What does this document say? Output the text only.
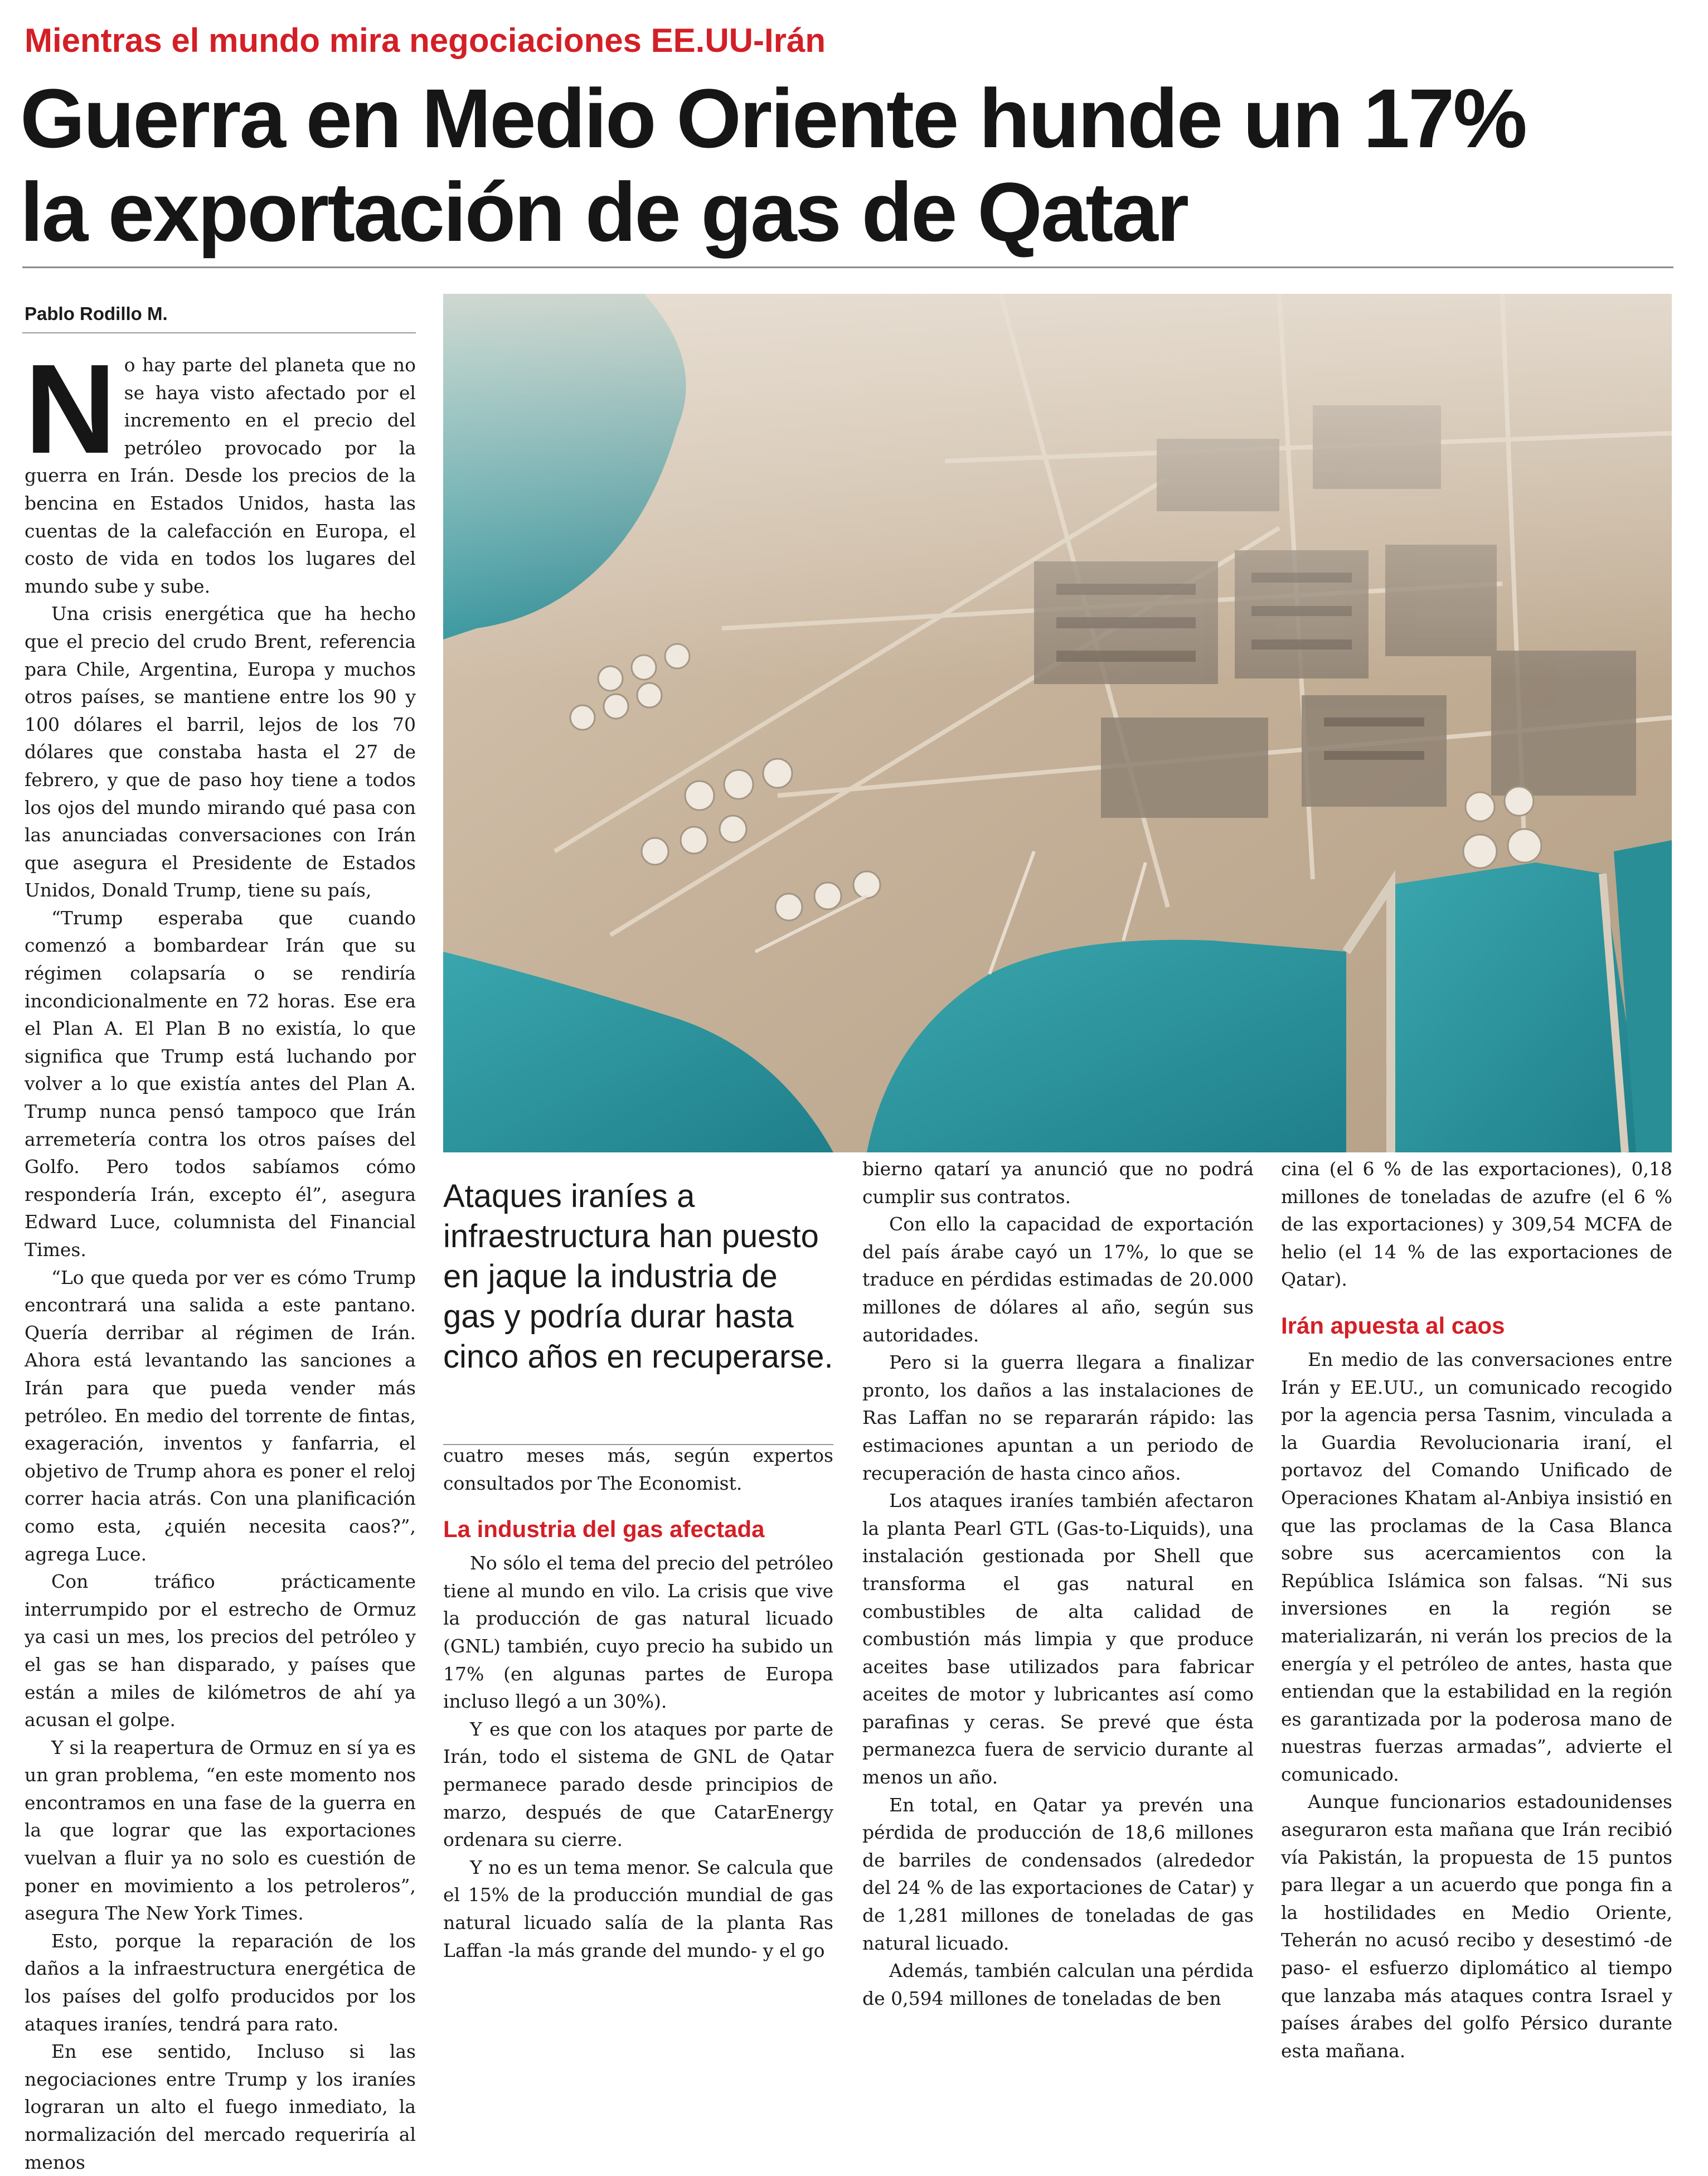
Mientras el mundo mira negociaciones EE.UU-Irán
Guerra en Medio Oriente hunde un 17%
la exportación de gas de Qatar
Pablo Rodillo M.

No hay parte del planeta que no se haya visto afectado por el incremento en el precio del petróleo provocado por la guerra en Irán. Desde los precios de la bencina en Estados Unidos, hasta las cuentas de la calefacción en Europa, el costo de vida en todos los lugares del mundo sube y sube.

Una crisis energética que ha hecho que el precio del crudo Brent, referencia para Chile, Argentina, Europa y muchos otros países, se mantiene entre los 90 y 100 dólares el barril, lejos de los 70 dólares que constaba hasta el 27 de febrero, y que de paso hoy tiene a todos los ojos del mundo mirando qué pasa con las anunciadas conversaciones con Irán que asegura el Presidente de Estados Unidos, Donald Trump, tiene su país,

“Trump esperaba que cuando comenzó a bombardear Irán que su régimen colapsaría o se rendiría incondicionalmente en 72 horas. Ese era el Plan A. El Plan B no existía, lo que significa que Trump está luchando por volver a lo que existía antes del Plan A. Trump nunca pensó tampoco que Irán arremetería contra los otros países del Golfo. Pero todos sabíamos cómo respondería Irán, excepto él”, asegura Edward Luce, columnista del Financial Times.

“Lo que queda por ver es cómo Trump encontrará una salida a este pantano. Quería derribar al régimen de Irán. Ahora está levantando las sanciones a Irán para que pueda vender más petróleo. En medio del torrente de fintas, exageración, inventos y fanfarria, el objetivo de Trump ahora es poner el reloj correr hacia atrás. Con una planificación como esta, ¿quién necesita caos?”, agrega Luce.

Con tráfico prácticamente interrumpido por el estrecho de Ormuz ya casi un mes, los precios del petróleo y el gas se han disparado, y países que están a miles de kilómetros de ahí ya acusan el golpe.

Y si la reapertura de Ormuz en sí ya es un gran problema, “en este momento nos encontramos en una fase de la guerra en la que lograr que las exportaciones vuelvan a fluir ya no solo es cuestión de poner en movimiento a los petroleros”, asegura The New York Times.

Esto, porque la reparación de los daños a la infraestructura energética de los países del golfo producidos por los ataques iraníes, tendrá para rato.

En ese sentido, Incluso si las negociaciones entre Trump y los iraníes lograran un alto el fuego inmediato, la normalización del mercado requeriría al menos

Ataques iraníes a infraestructura han puesto en jaque la industria de gas y podría durar hasta cinco años en recuperarse.

cuatro meses más, según expertos consultados por The Economist.

La industria del gas afectada

No sólo el tema del precio del petróleo tiene al mundo en vilo. La crisis que vive la producción de gas natural licuado (GNL) también, cuyo precio ha subido un 17% (en algunas partes de Europa incluso llegó a un 30%).

Y es que con los ataques por parte de Irán, todo el sistema de GNL de Qatar permanece parado desde principios de marzo, después de que CatarEnergy ordenara su cierre.

Y no es un tema menor. Se calcula que el 15% de la producción mundial de gas natural licuado salía de la planta Ras Laffan -la más grande del mundo- y el go

bierno qatarí ya anunció que no podrá cumplir sus contratos.

Con ello la capacidad de exportación del país árabe cayó un 17%, lo que se traduce en pérdidas estimadas de 20.000 millones de dólares al año, según sus autoridades.

Pero si la guerra llegara a finalizar pronto, los daños a las instalaciones de Ras Laffan no se repararán rápido: las estimaciones apuntan a un periodo de recuperación de hasta cinco años.

Los ataques iraníes también afectaron la planta Pearl GTL (Gas-to-Liquids), una instalación gestionada por Shell que transforma el gas natural en combustibles de alta calidad de combustión más limpia y que produce aceites base utilizados para fabricar aceites de motor y lubricantes así como parafinas y ceras. Se prevé que ésta permanezca fuera de servicio durante al menos un año.

En total, en Qatar ya prevén una pérdida de producción de 18,6 millones de barriles de condensados (alrededor del 24 % de las exportaciones de Catar) y de 1,281 millones de toneladas de gas natural licuado.

Además, también calculan una pérdida de 0,594 millones de toneladas de ben

cina (el 6 % de las exportaciones), 0,18 millones de toneladas de azufre (el 6 % de las exportaciones) y 309,54 MCFA de helio (el 14 % de las exportaciones de Qatar).

Irán apuesta al caos

En medio de las conversaciones entre Irán y EE.UU., un comunicado recogido por la agencia persa Tasnim, vinculada a la Guardia Revolucionaria iraní, el portavoz del Comando Unificado de Operaciones Khatam al-Anbiya insistió en que las proclamas de la Casa Blanca sobre sus acercamientos con la República Islámica son falsas. “Ni sus inversiones en la región se materializarán, ni verán los precios de la energía y el petróleo de antes, hasta que entiendan que la estabilidad en la región es garantizada por la poderosa mano de nuestras fuerzas armadas”, advierte el comunicado.

Aunque funcionarios estadounidenses aseguraron esta mañana que Irán recibió vía Pakistán, la propuesta de 15 puntos para llegar a un acuerdo que ponga fin a la hostilidades en Medio Oriente, Teherán no acusó recibo y desestimó -de paso- el esfuerzo diplomático al tiempo que lanzaba más ataques contra Israel y países árabes del golfo Pérsico durante esta mañana.
